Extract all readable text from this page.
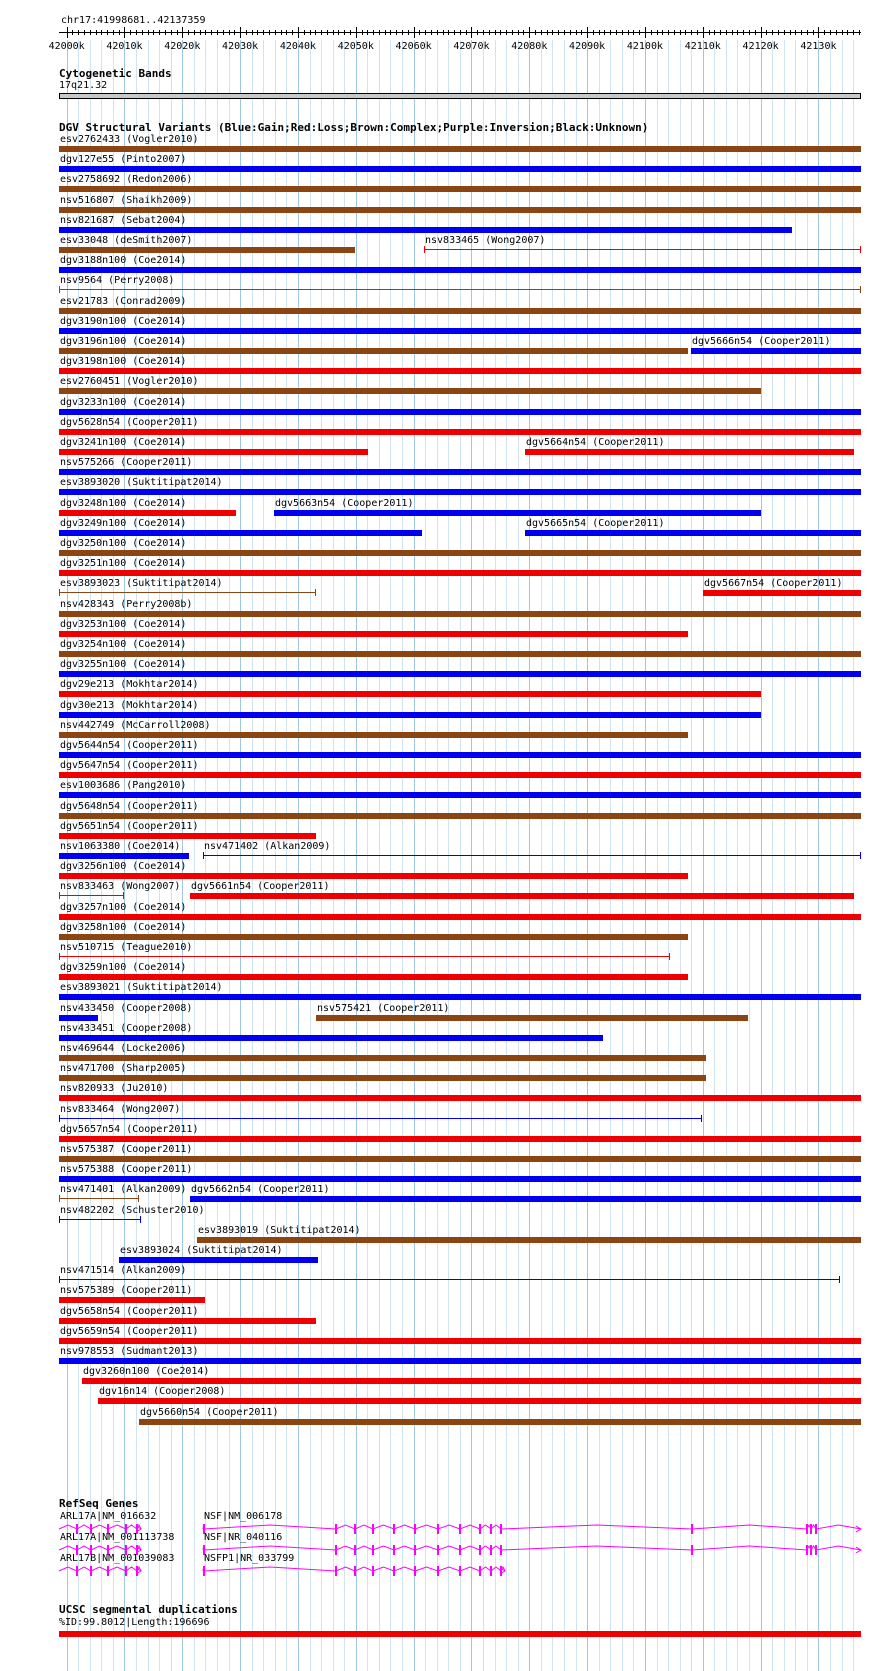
chr17:41998681..42137359
42000k 42010k 42020k 42030k 42040k 42050k 42060k 42070k 42080k 42090k 42100k 42110k 42120k 42130k
Cytogenetic Bands
17q21.32
DGV Structural Variants (Blue:Gain;Red:Loss;Brown:Complex;Purple:Inversion;Black:Unknown)
esv2762433 (Vogler2010)
dgv127e55 (Pinto2007)
esv2758692 (Redon2006)
nsv516807 (Shaikh2009)
nsv821687 (Sebat2004)
esv33048 (deSmith2007)	nsv833465 (Wong2007)
dgv3188n100 (Coe2014)
nsv9564 (Perry2008)
esv21783 (Conrad2009)
dgv3190n100 (Coe2014)
dgv3196n100 (Coe2014)	dgv5666n54 (Cooper2011)
dgv3198n100 (Coe2014)
esv2760451 (Vogler2010)
dgv3233n100 (Coe2014)
dgv5628n54 (Cooper2011)
dgv3241n100 (Coe2014)	dgv5664n54 (Cooper2011)
nsv575266 (Cooper2011)
esv3893020 (Suktitipat2014)
dgv3248n100 (Coe2014)	dgv5663n54 (Cooper2011)
dgv3249n100 (Coe2014)	dgv5665n54 (Cooper2011)
dgv3250n100 (Coe2014)
dgv3251n100 (Coe2014)
esv3893023 (Suktitipat2014)	dgv5667n54 (Cooper2011)
nsv428343 (Perry2008b)
dgv3253n100 (Coe2014)
dgv3254n100 (Coe2014)
dgv3255n100 (Coe2014)
dgv29e213 (Mokhtar2014)
dgv30e213 (Mokhtar2014)
nsv442749 (McCarroll2008)
dgv5644n54 (Cooper2011)
dgv5647n54 (Cooper2011)
esv1003686 (Pang2010)
dgv5648n54 (Cooper2011)
dgv5651n54 (Cooper2011)
nsv1063380 (Coe2014) nsv471402 (Alkan2009)
dgv3256n100 (Coe2014)
nsv833463 (Wong2007) dgv5661n54 (Cooper2011)
dgv3257n100 (Coe2014)
dgv3258n100 (Coe2014)
nsv510715 (Teague2010)
dgv3259n100 (Coe2014)
esv3893021 (Suktitipat2014)
nsv433450 (Cooper2008)	nsv575421 (Cooper2011)
nsv433451 (Cooper2008)
nsv469644 (Locke2006)
nsv471700 (Sharp2005)
nsv820933 (Ju2010)
nsv833464 (Wong2007)
dgv5657n54 (Cooper2011)
nsv575387 (Cooper2011)
nsv575388 (Cooper2011)
nsv471401 (Alkan2009) dgv5662n54 (Cooper2011)
nsv482202 (Schuster2010)
esv3893019 (Suktitipat2014)
esv3893024 (Suktitipat2014)
nsv471514 (Alkan2009)
nsv575389 (Cooper2011)
dgv5658n54 (Cooper2011)
dgv5659n54 (Cooper2011)
nsv978553 (Sudmant2013)
dgv3260n100 (Coe2014)
dgv16n14 (Cooper2008)
dgv5660n54 (Cooper2011)
RefSeq Genes
ARL17A|NM_016632	NSF|NM_006178
ARL17A|NM_001113738	NSF|NR_040116
ARL17B|NM_001039083	NSFP1|NR_033799
UCSC segmental duplications
%ID:99.8012|Length:196696
